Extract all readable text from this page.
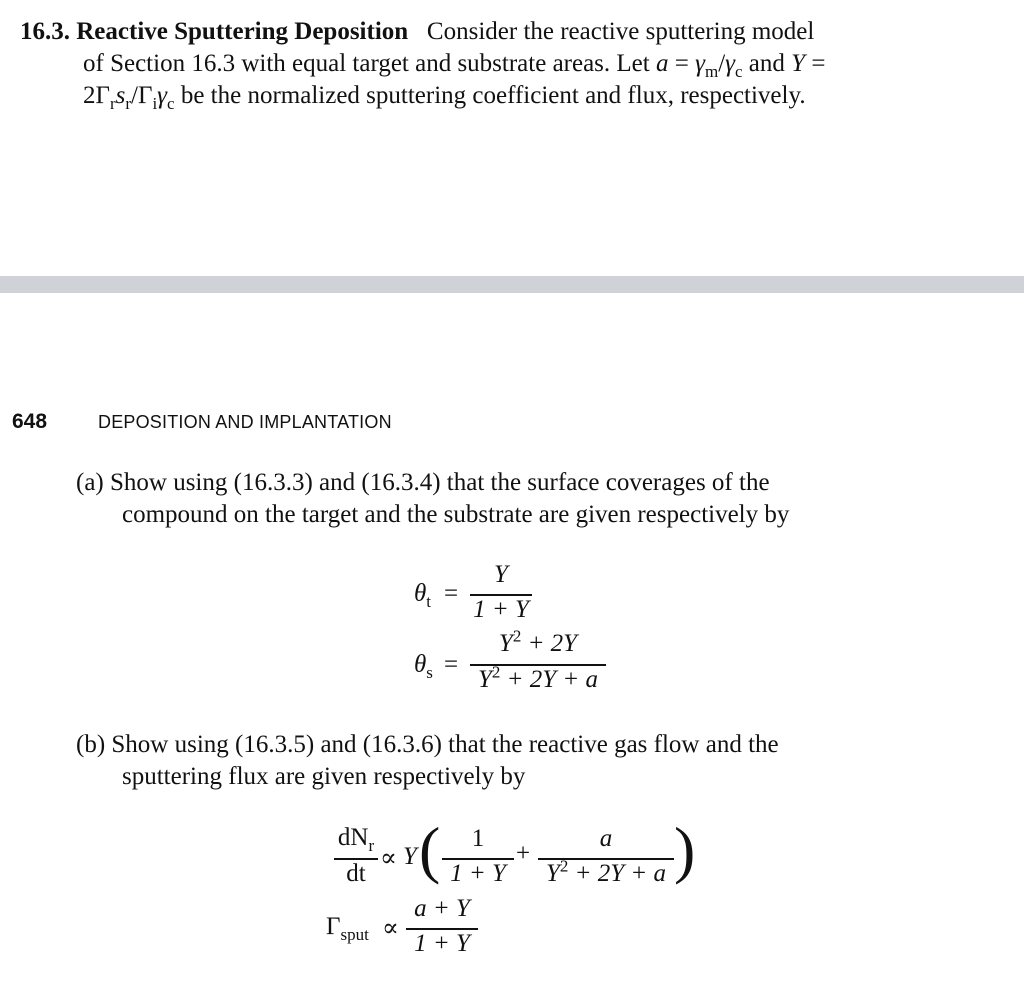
16.3. Reactive Sputtering Deposition Consider the reactive sputtering model
of Section 16.3 with equal target and substrate areas. Let $a = \gamma_m/\gamma_c$ and Y =
$2\Gamma_rs_r/\Gamma_i\gamma_c$ be the normalized sputtering coefficient and flux, respectively.
648	DEPOSITION AND IMPLANTATION
(a) Show using (16.3.3) and (16.3.4) that the surface coverages of the
compound on the target and the substrate are given respectively by
$\theta_t$ =
Y
1 + Y
$\theta_s$ =
$Y^2 + 2Y$
$Y^2 + 2Y + a$
(b) Show using (16.3.5) and (16.3.6) that the reactive gas flow and the
sputtering flux are given respectively by
$dN_r$
dt
∝ Y (	1
1 + Y
+
a
$Y^2 + 2Y + a$ )
$\Gamma_{sput}$ ∝
a + Y
1 + Y
